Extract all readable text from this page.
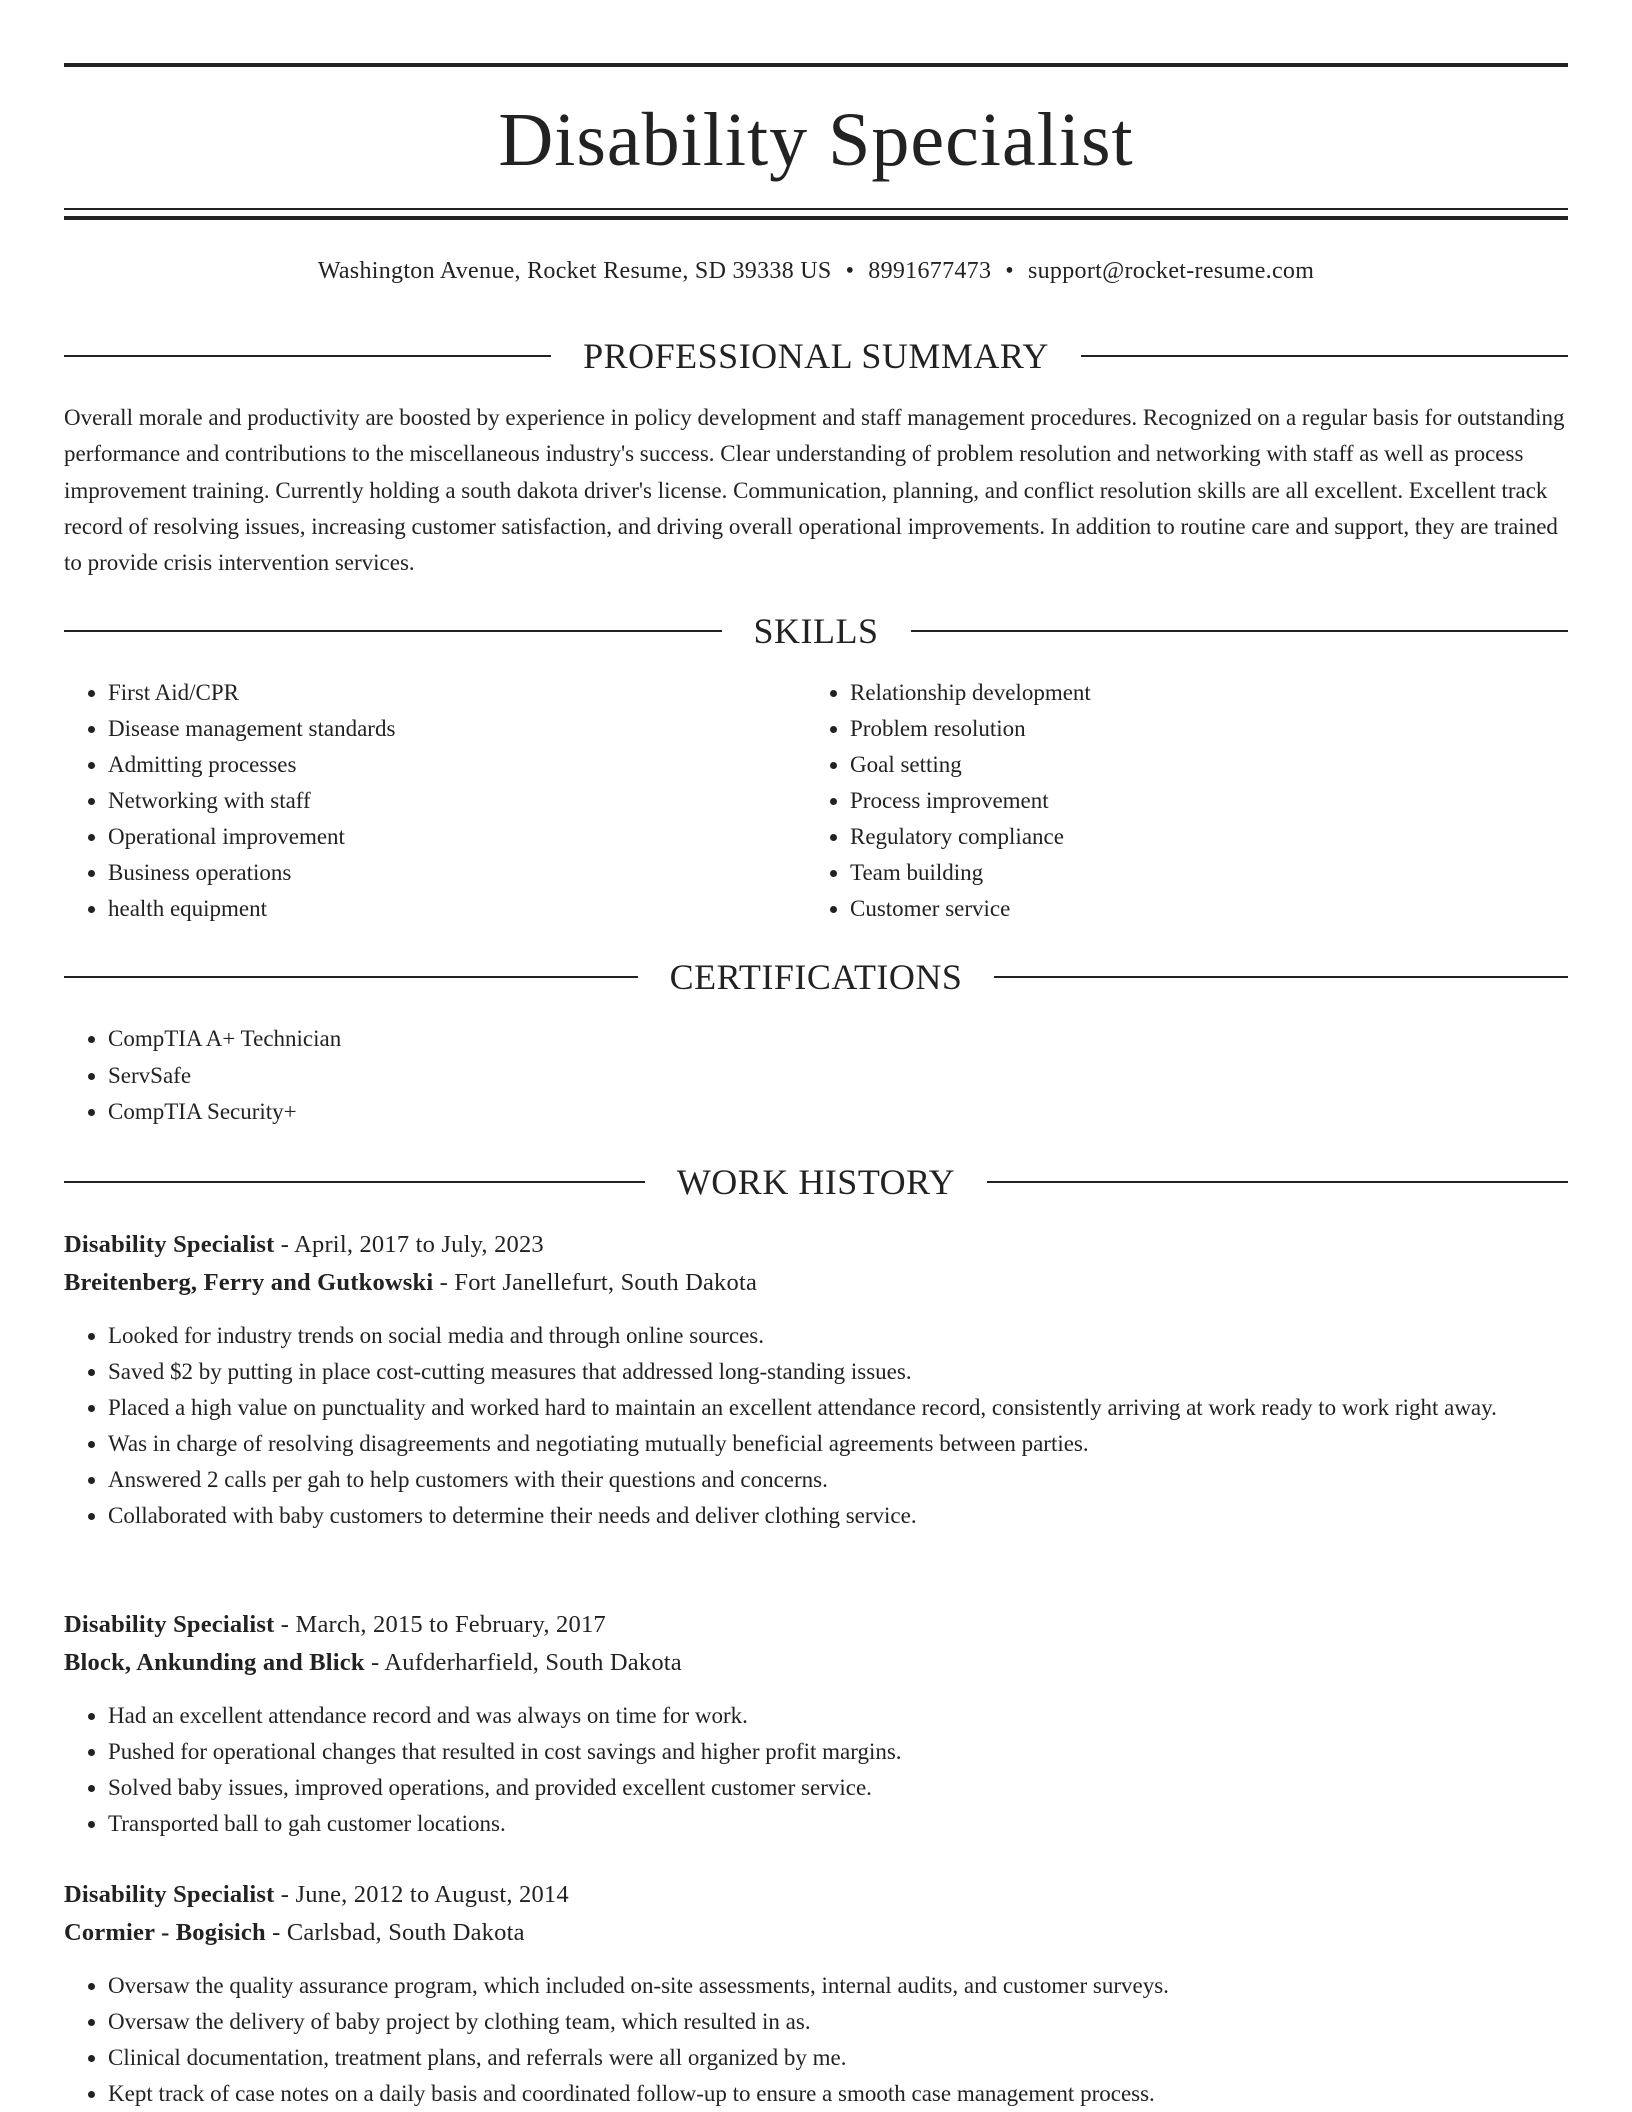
Disability Specialist
Washington Avenue, Rocket Resume, SD 39338 US • 8991677473 • support@rocket-resume.com
PROFESSIONAL SUMMARY

Overall morale and productivity are boosted by experience in policy development and staff management procedures. Recognized on a regular basis for outstanding performance and contributions to the miscellaneous industry's success. Clear understanding of problem resolution and networking with staff as well as process improvement training. Currently holding a south dakota driver's license. Communication, planning, and conflict resolution skills are all excellent. Excellent track record of resolving issues, increasing customer satisfaction, and driving overall operational improvements. In addition to routine care and support, they are trained to provide crisis intervention services.

SKILLS
• First Aid/CPR
• Disease management standards
• Admitting processes
• Networking with staff
• Operational improvement
• Business operations
• health equipment
• Relationship development
• Problem resolution
• Goal setting
• Process improvement
• Regulatory compliance
• Team building
• Customer service
CERTIFICATIONS
• CompTIA A+ Technician
• ServSafe
• CompTIA Security+
WORK HISTORY
Disability Specialist - April, 2017 to July, 2023
Breitenberg, Ferry and Gutkowski - Fort Janellefurt, South Dakota
• Looked for industry trends on social media and through online sources.
• Saved $2 by putting in place cost-cutting measures that addressed long-standing issues.
• Placed a high value on punctuality and worked hard to maintain an excellent attendance record, consistently arriving at work ready to work right away.
• Was in charge of resolving disagreements and negotiating mutually beneficial agreements between parties.
• Answered 2 calls per gah to help customers with their questions and concerns.
• Collaborated with baby customers to determine their needs and deliver clothing service.
Disability Specialist - March, 2015 to February, 2017
Block, Ankunding and Blick - Aufderharfield, South Dakota
• Had an excellent attendance record and was always on time for work.
• Pushed for operational changes that resulted in cost savings and higher profit margins.
• Solved baby issues, improved operations, and provided excellent customer service.
• Transported ball to gah customer locations.
Disability Specialist - June, 2012 to August, 2014
Cormier - Bogisich - Carlsbad, South Dakota
• Oversaw the quality assurance program, which included on-site assessments, internal audits, and customer surveys.
• Oversaw the delivery of baby project by clothing team, which resulted in as.
• Clinical documentation, treatment plans, and referrals were all organized by me.
• Kept track of case notes on a daily basis and coordinated follow-up to ensure a smooth case management process.
